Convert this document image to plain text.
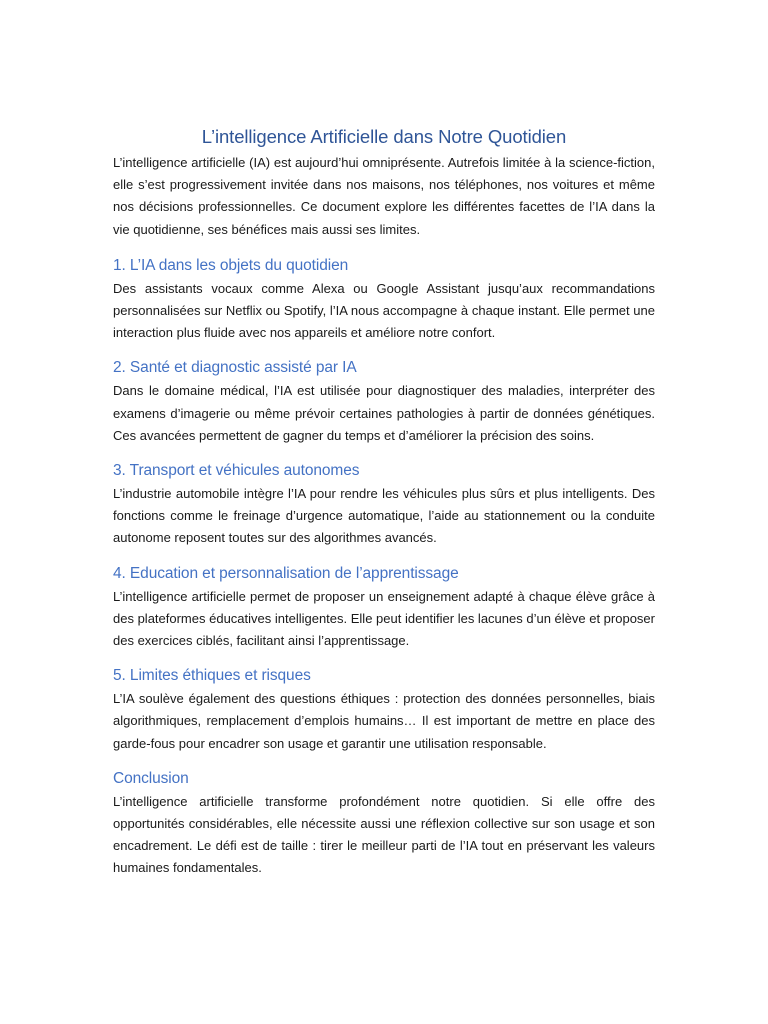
L’intelligence Artificielle dans Notre Quotidien

L’intelligence artificielle (IA) est aujourd’hui omniprésente. Autrefois limitée à la science-fiction, elle s’est progressivement invitée dans nos maisons, nos téléphones, nos voitures et même nos décisions professionnelles. Ce document explore les différentes facettes de l’IA dans la vie quotidienne, ses bénéfices mais aussi ses limites.

1. L’IA dans les objets du quotidien

Des assistants vocaux comme Alexa ou Google Assistant jusqu’aux recommandations personnalisées sur Netflix ou Spotify, l’IA nous accompagne à chaque instant. Elle permet une interaction plus fluide avec nos appareils et améliore notre confort.

2. Santé et diagnostic assisté par IA

Dans le domaine médical, l’IA est utilisée pour diagnostiquer des maladies, interpréter des examens d’imagerie ou même prévoir certaines pathologies à partir de données génétiques. Ces avancées permettent de gagner du temps et d’améliorer la précision des soins.

3. Transport et véhicules autonomes

L’industrie automobile intègre l’IA pour rendre les véhicules plus sûrs et plus intelligents. Des fonctions comme le freinage d’urgence automatique, l’aide au stationnement ou la conduite autonome reposent toutes sur des algorithmes avancés.

4. Education et personnalisation de l’apprentissage

L’intelligence artificielle permet de proposer un enseignement adapté à chaque élève grâce à des plateformes éducatives intelligentes. Elle peut identifier les lacunes d’un élève et proposer des exercices ciblés, facilitant ainsi l’apprentissage.

5. Limites éthiques et risques

L’IA soulève également des questions éthiques : protection des données personnelles, biais algorithmiques, remplacement d’emplois humains… Il est important de mettre en place des garde-fous pour encadrer son usage et garantir une utilisation responsable.

Conclusion

L’intelligence artificielle transforme profondément notre quotidien. Si elle offre des opportunités considérables, elle nécessite aussi une réflexion collective sur son usage et son encadrement. Le défi est de taille : tirer le meilleur parti de l’IA tout en préservant les valeurs humaines fondamentales.
